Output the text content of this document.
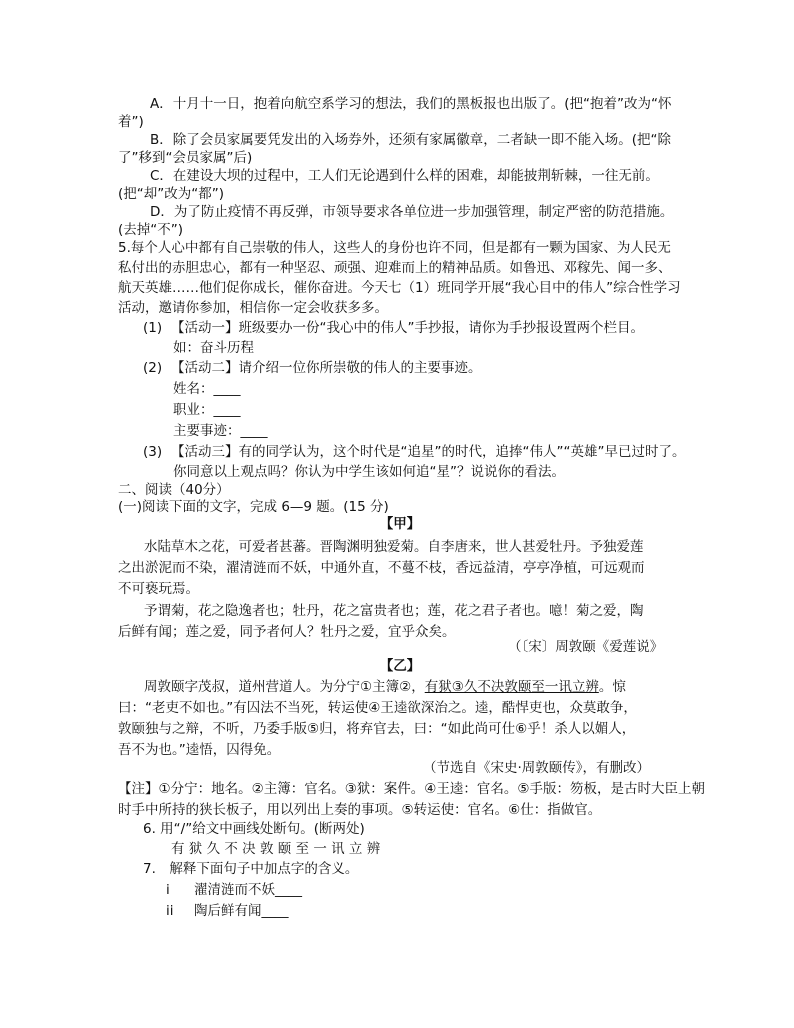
A．十月十一日，抱着向航空系学习的想法，我们的黑板报也出版了。(把“抱着”改为“怀
着”)
B．除了会员家属要凭发出的入场券外，还须有家属徽章，二者缺一即不能入场。(把“除
了”移到“会员家属”后)
C．在建设大坝的过程中，工人们无论遇到什么样的困难，却能披荆斩棘，一往无前。
(把“却”改为“都”)
D．为了防止疫情不再反弹，市领导要求各单位进一步加强管理，制定严密的防范措施。
(去掉“不”)
5.每个人心中都有自己崇敬的伟人，这些人的身份也许不同，但是都有一颗为国家、为人民无
私付出的赤胆忠心，都有一种坚忍、顽强、迎难而上的精神品质。如鲁迅、邓稼先、闻一多、
航天英雄……他们促你成长，催你奋进。今天七（1）班同学开展“我心目中的伟人”综合性学习
活动，邀请你参加，相信你一定会收获多多。
(1) 【活动一】班级要办一份“我心中的伟人”手抄报，请你为手抄报设置两个栏目。
如：奋斗历程
(2) 【活动二】请介绍一位你所崇敬的伟人的主要事迹。
姓名：____
职业：____
主要事迹：____
(3) 【活动三】有的同学认为，这个时代是“追星”的时代，追捧“伟人”“英雄”早已过时了。
你同意以上观点吗？你认为中学生该如何追“星”？说说你的看法。
二、阅读（40分）
(一)阅读下面的文字，完成 6—9 题。(15 分)
【甲】
水陆草木之花，可爱者甚蕃。晋陶渊明独爱菊。自李唐来，世人甚爱牡丹。予独爱莲
之出淤泥而不染，濯清涟而不妖，中通外直，不蔓不枝，香远益清，亭亭净植，可远观而
不可亵玩焉。
予谓菊，花之隐逸者也；牡丹，花之富贵者也；莲，花之君子者也。噫！菊之爱，陶
后鲜有闻；莲之爱，同予者何人？牡丹之爱，宜乎众矣。
（〔宋〕周敦颐《爱莲说》
【乙】
周敦颐字茂叔，道州营道人。为分宁①主簿②，有狱③久不决敦颐至一讯立辨。惊
曰：“老吏不如也。”有囚法不当死，转运使④王逵欲深治之。逵，酷悍吏也，众莫敢争，
敦颐独与之辩，不听，乃委手版⑤归，将弃官去，曰：“如此尚可仕⑥乎！杀人以媚人，
吾不为也。”逵悟，囚得免。
（节选自《宋史·周敦颐传》，有删改）
【注】①分宁：地名。②主簿：官名。③狱：案件。④王逵：官名。⑤手版：笏板，是古时大臣上朝
时手中所持的狭长板子，用以列出上奏的事项。⑤转运使：官名。⑥仕：指做官。
6. 用“/”给文中画线处断句。(断两处)
有 狱 久 不 决 敦 颐 至 一 讯 立 辨
7.　解释下面句子中加点字的含义。
i 濯清涟而不妖____
ii 陶后鲜有闻____
